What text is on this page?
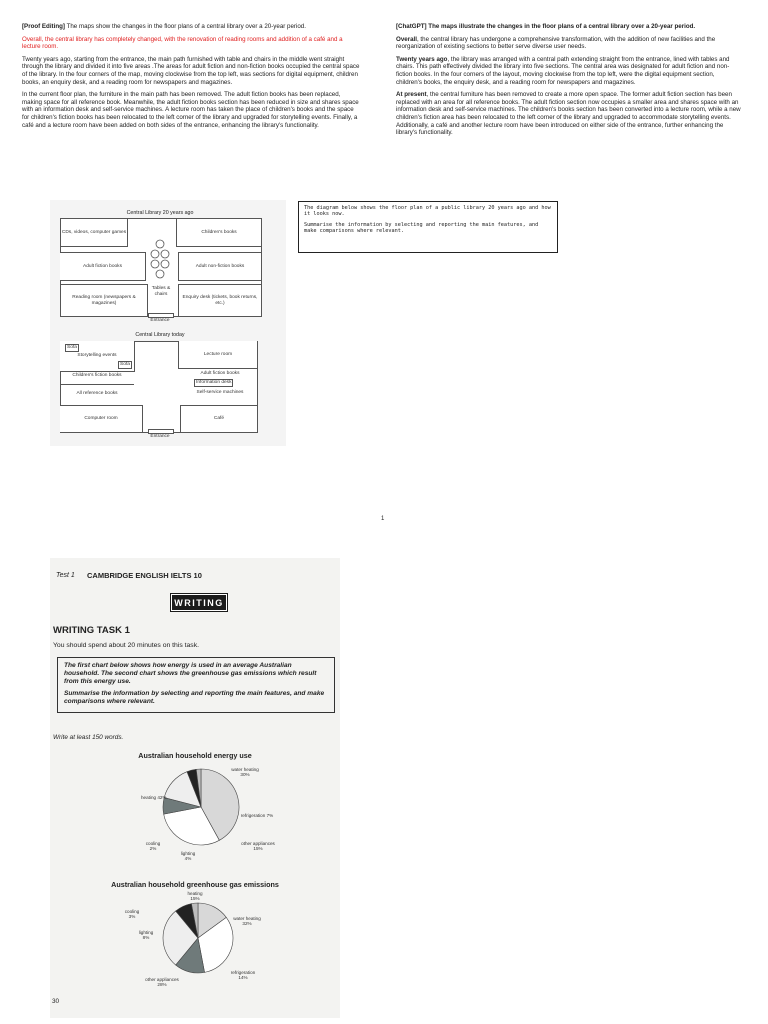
[Proof Editing] The maps show the changes in the floor plans of a central library over a 20-year period.

Overall, the central library has completely changed, with the renovation of reading rooms and addition of a café and a lecture room.

Twenty years ago, starting from the entrance, the main path furnished with table and chairs in the middle went straight through the library and divided it into five areas .The areas for adult fiction and non-fiction books occupied the central space of the library. In the four corners of the map, moving clockwise from the top left, was sections for digital equipment, children books, an enquiry desk, and a reading room for newspapers and magazines.

In the current floor plan, the furniture in the main path has been removed. The adult fiction books has been replaced, making space for all reference book. Meanwhile, the adult fiction books section has been reduced in size and shares space with an information desk and self-service machines. A lecture room has taken the place of children's books and the space for children's fiction books has been relocated to the left corner of the library and upgraded for storytelling events. Finally, a café and a lecture room have been added on both sides of the entrance, enhancing the library's functionality.

[ChatGPT] The maps illustrate the changes in the floor plans of a central library over a 20-year period.

Overall, the central library has undergone a comprehensive transformation, with the addition of new facilities and the reorganization of existing sections to better serve diverse user needs.

Twenty years ago, the library was arranged with a central path extending straight from the entrance, lined with tables and chairs. This path effectively divided the library into five sections. The central area was designated for adult fiction and non-fiction books. In the four corners of the layout, moving clockwise from the top left, were the digital equipment section, children's books, the enquiry desk, and a reading room for newspapers and magazines.

At present, the central furniture has been removed to create a more open space. The former adult fiction section has been replaced with an area for all reference books. The adult fiction section now occupies a smaller area and shares space with an information desk and self-service machines. The children's books section has been converted into a lecture room, while a new children's fiction area has been relocated to the left corner of the library and upgraded to accommodate storytelling events. Additionally, a café and another lecture room have been introduced on either side of the entrance, further enhancing the library's functionality.

Central Library 20 years ago
CDs, videos, computer games	Children's books
Adult fiction books	Adult non-fiction books
Reading room (newspapers & magazines)
Enquiry desk (tickets, book returns, etc.)
Tables & chairs
Entrance
Central Library today
Storytelling events
Sofa
Sofa
Lecture room
Children's fiction books	Adult fiction books
Information desk
All reference books	Self-service machines
Computer room	Café
Entrance

The diagram below shows the floor plan of a public library 20 years ago and how it looks now.

Summarise the information by selecting and reporting the main features, and make comparisons where relevant.

1
Test 1 CAMBRIDGE ENGLISH IELTS 10
WRITING
WRITING TASK 1
You should spend about 20 minutes on this task.

The first chart below shows how energy is used in an average Australian household. The second chart shows the greenhouse gas emissions which result from this energy use.

Summarise the information by selecting and reporting the main features, and make comparisons where relevant.

Write at least 150 words.
Australian household energy use
heating 42%
water heating 30%
refrigeration 7%
other appliances 15%
lighting 4%
cooling 2%
Australian household greenhouse gas emissions
heating 15%
water heating 32%
refrigeration 14%
other appliances 28%
lighting 8%
cooling 3%
30
